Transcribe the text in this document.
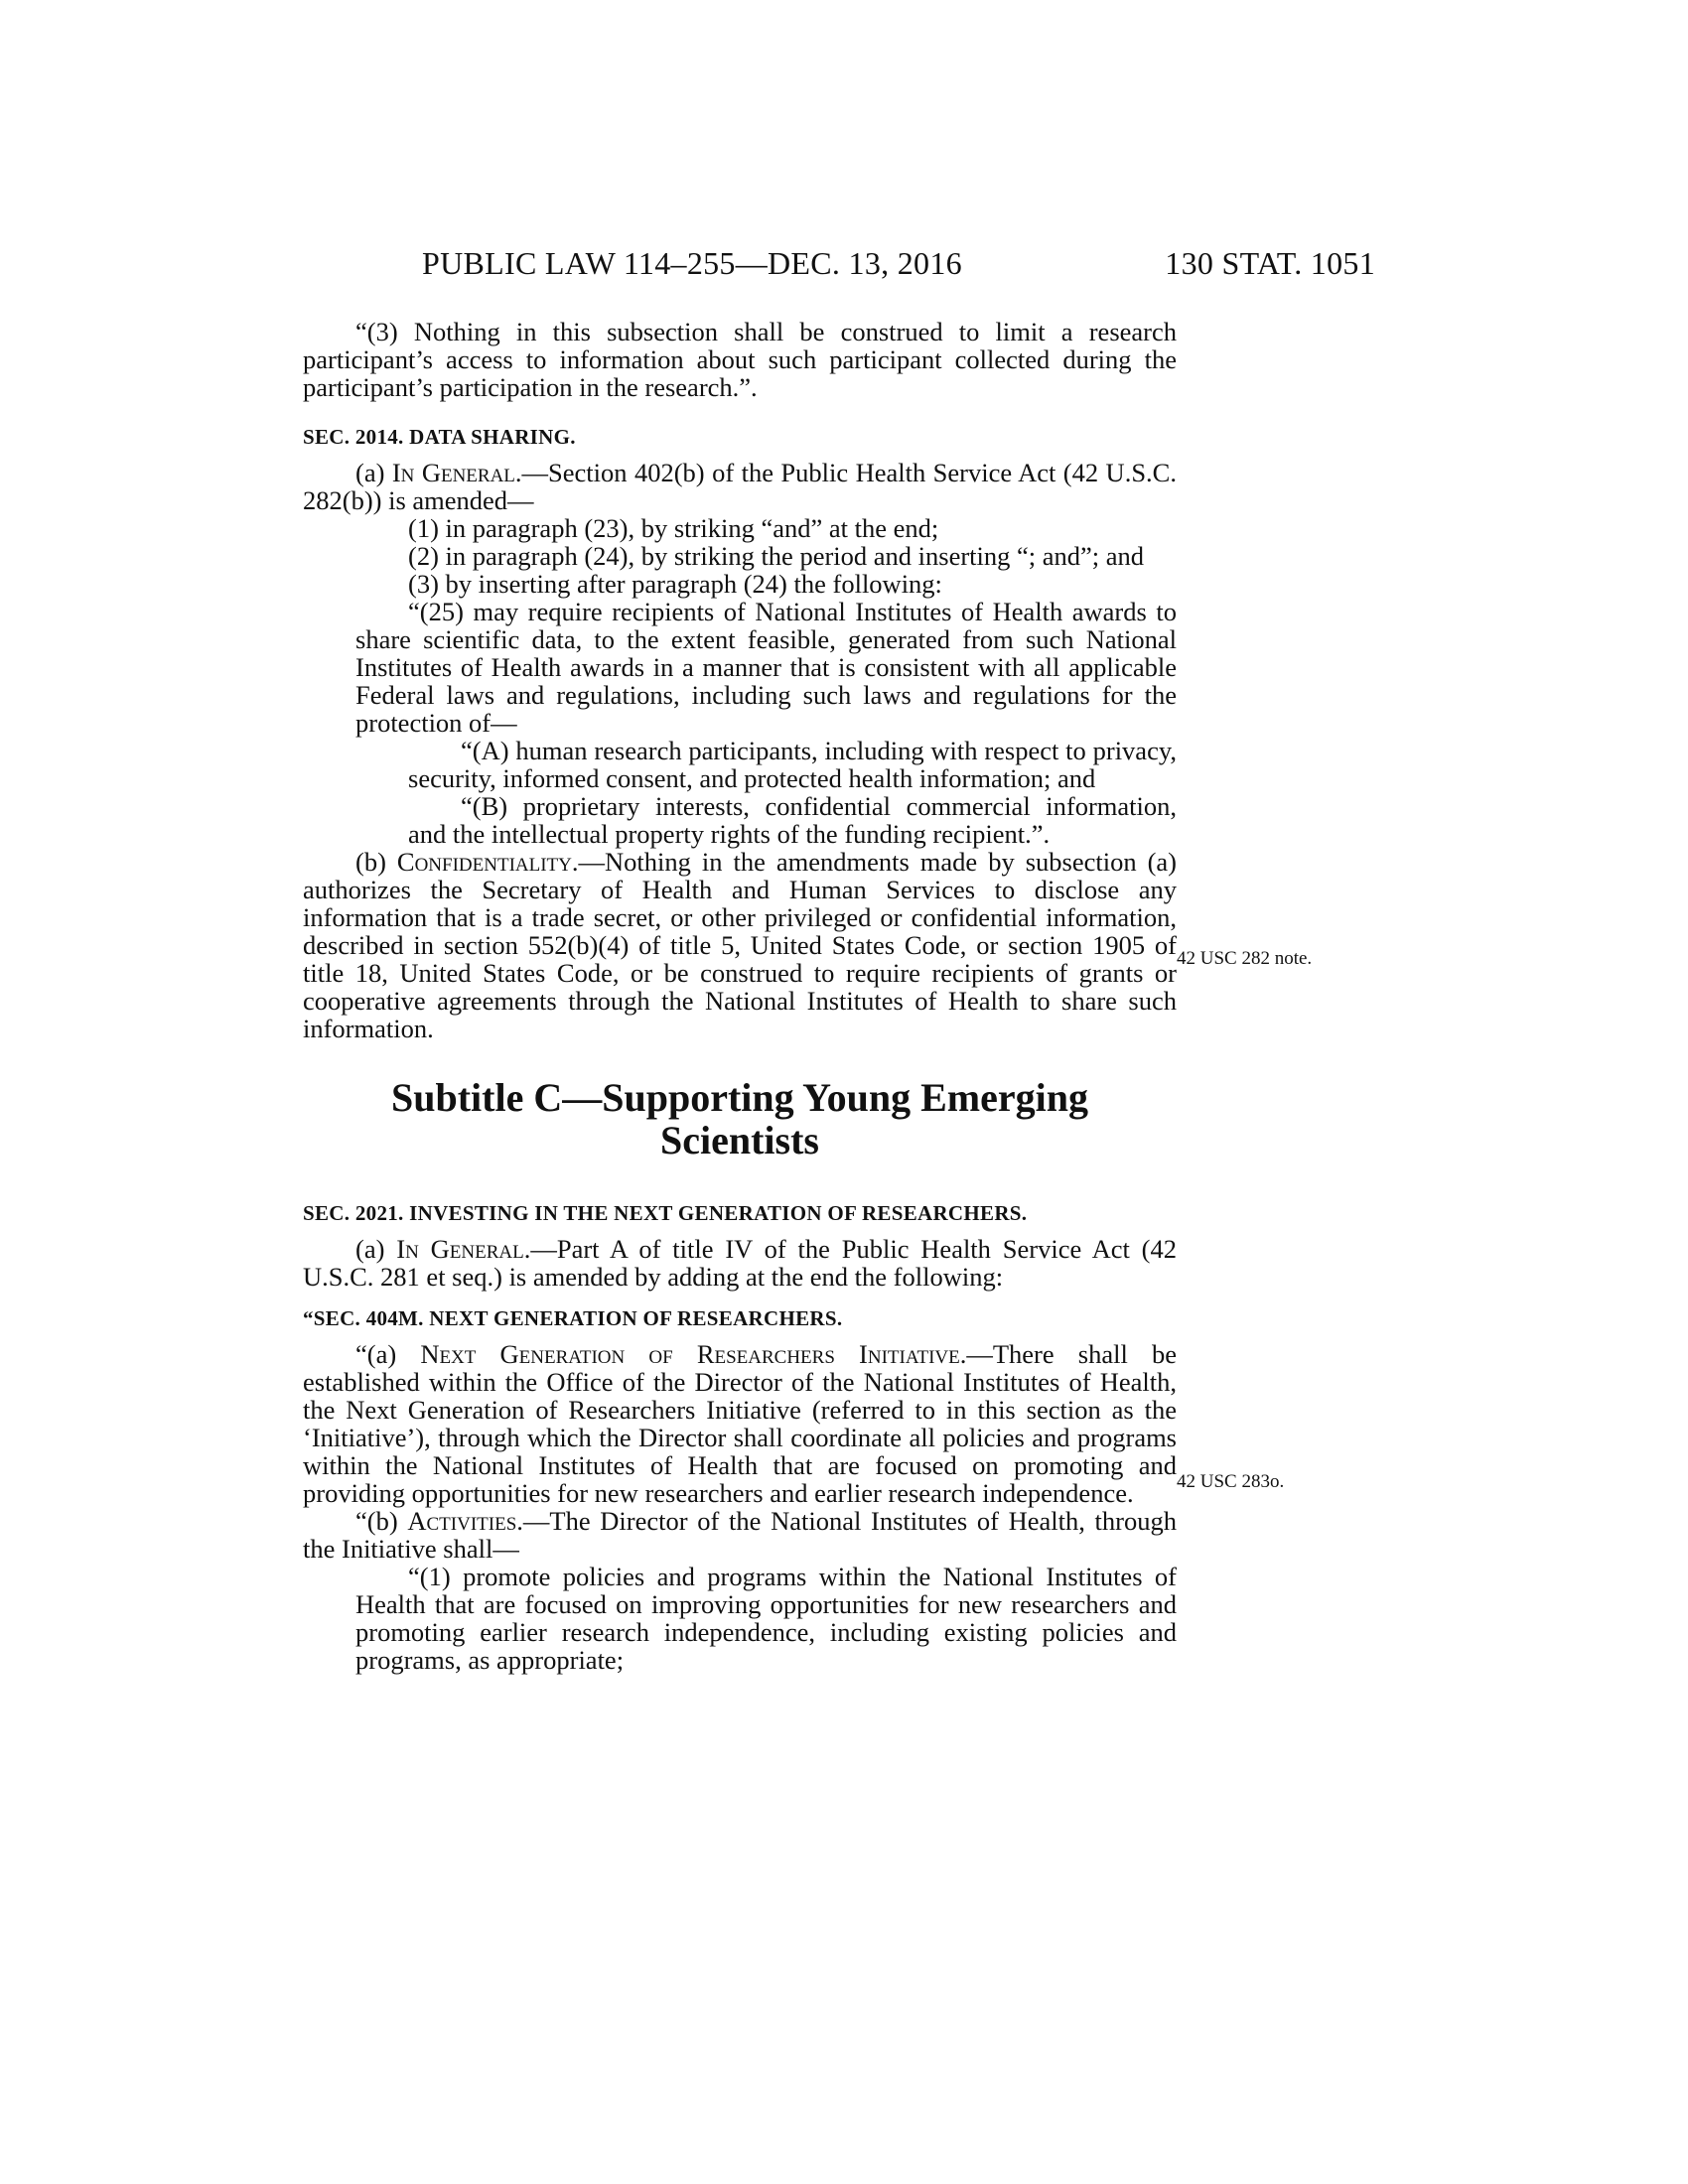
PUBLIC LAW 114–255—DEC. 13, 2016	130 STAT. 1051
42 USC 282 note.
42 USC 283o.

“(3) Nothing in this subsection shall be construed to limit a research participant’s access to information about such participant collected during the participant’s participation in the research.”.

SEC. 2014. DATA SHARING.

(a) In General.—Section 402(b) of the Public Health Service Act (42 U.S.C. 282(b)) is amended—

(1) in paragraph (23), by striking “and” at the end;

(2) in paragraph (24), by striking the period and inserting “; and”; and

(3) by inserting after paragraph (24) the following:

“(25) may require recipients of National Institutes of Health awards to share scientific data, to the extent feasible, generated from such National Institutes of Health awards in a manner that is consistent with all applicable Federal laws and regulations, including such laws and regulations for the protection of—

“(A) human research participants, including with respect to privacy, security, informed consent, and protected health information; and

“(B) proprietary interests, confidential commercial information, and the intellectual property rights of the funding recipient.”.

(b) Confidentiality.—Nothing in the amendments made by subsection (a) authorizes the Secretary of Health and Human Services to disclose any information that is a trade secret, or other privileged or confidential information, described in section 552(b)(4) of title 5, United States Code, or section 1905 of title 18, United States Code, or be construed to require recipients of grants or cooperative agreements through the National Institutes of Health to share such information.

Subtitle C—Supporting Young Emerging
Scientists
SEC. 2021. INVESTING IN THE NEXT GENERATION OF RESEARCHERS.

(a) In General.—Part A of title IV of the Public Health Service Act (42 U.S.C. 281 et seq.) is amended by adding at the end the following:

“SEC. 404M. NEXT GENERATION OF RESEARCHERS.

“(a) Next Generation of Researchers Initiative.—There shall be established within the Office of the Director of the National Institutes of Health, the Next Generation of Researchers Initiative (referred to in this section as the ‘Initiative’), through which the Director shall coordinate all policies and programs within the National Institutes of Health that are focused on promoting and providing opportunities for new researchers and earlier research independence.

“(b) Activities.—The Director of the National Institutes of Health, through the Initiative shall—

“(1) promote policies and programs within the National Institutes of Health that are focused on improving opportunities for new researchers and promoting earlier research independence, including existing policies and programs, as appropriate;
